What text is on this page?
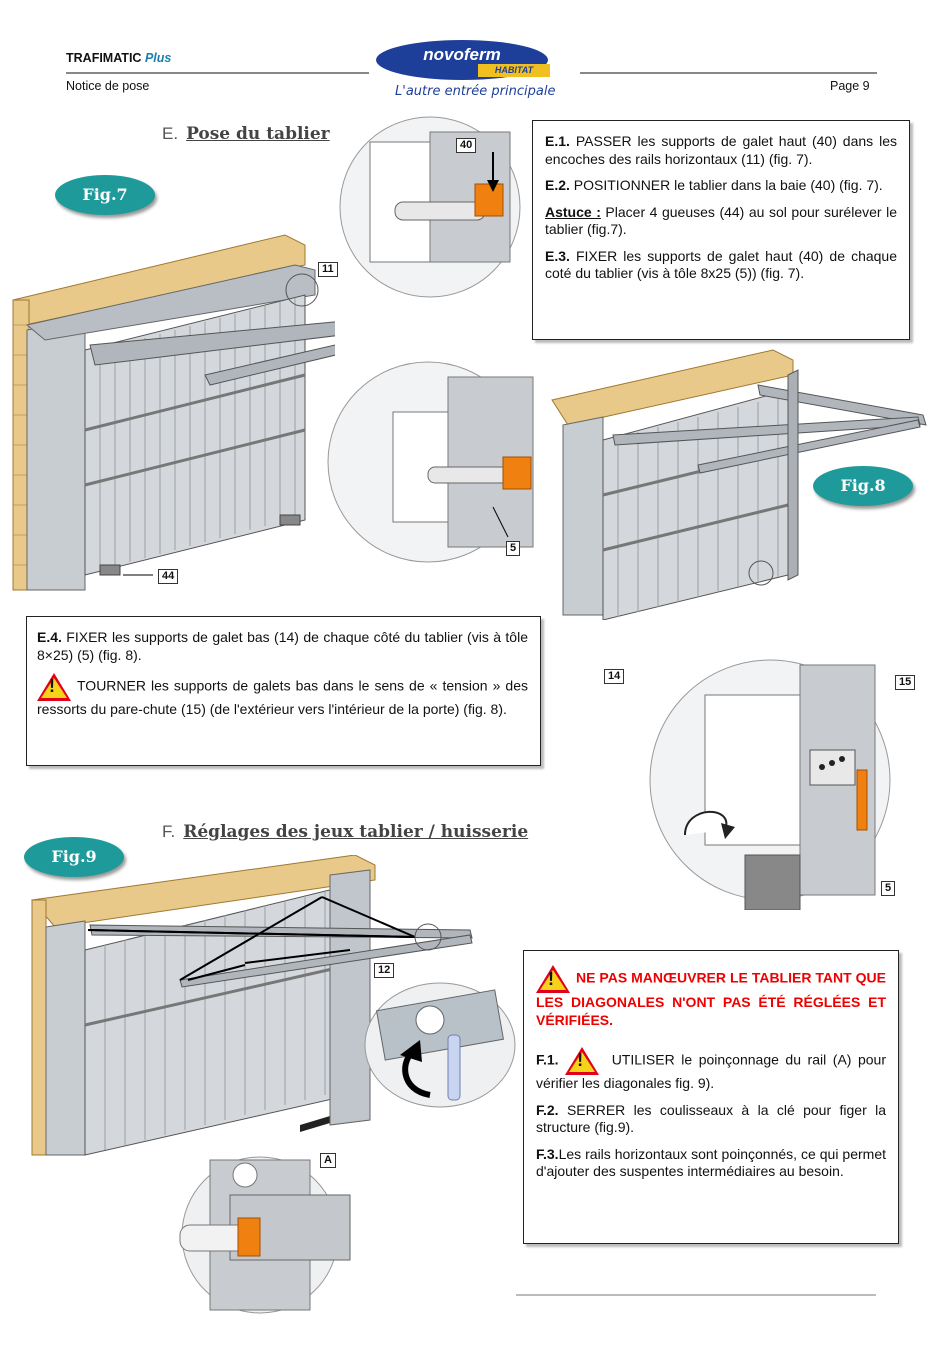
TRAFIMATIC Plus
Notice de pose	Page 9
novoferm
HABITAT
L'autre entrée principale
E. Pose du tablier
Fig.7
40
11
5
44

E.1. PASSER les supports de galet haut (40) dans les encoches des rails horizontaux (11) (fig. 7).

E.2. POSITIONNER le tablier dans la baie (40) (fig. 7).

Astuce : Placer 4 gueuses (44) au sol pour surélever le tablier (fig.7).

E.3. FIXER les supports de galet haut (40) de chaque coté du tablier (vis à tôle 8x25 (5)) (fig. 7).

Fig.8

E.4. FIXER les supports de galet bas (14) de chaque côté du tablier (vis à tôle 8×25) (5) (fig. 8).

!TOURNER les supports de galets bas dans le sens de « tension » des ressorts du pare-chute (15) (de l'extérieur vers l'intérieur de la porte) (fig. 8).

14	15
5
F. Réglages des jeux tablier / huisserie
Fig.9
12
A

!NE PAS MANŒUVRER LE TABLIER TANT QUE LES DIAGONALES N'ONT PAS ÉTÉ RÉGLÉES ET VÉRIFIÉES.

F.1.
!	UTILISER le poinçonnage du rail (A) pour vérifier les diagonales fig. 9).

F.2. SERRER les coulisseaux à la clé pour figer la structure (fig.9).

F.3.Les rails horizontaux sont poinçonnés, ce qui permet d'ajouter des suspentes intermédiaires au besoin.
